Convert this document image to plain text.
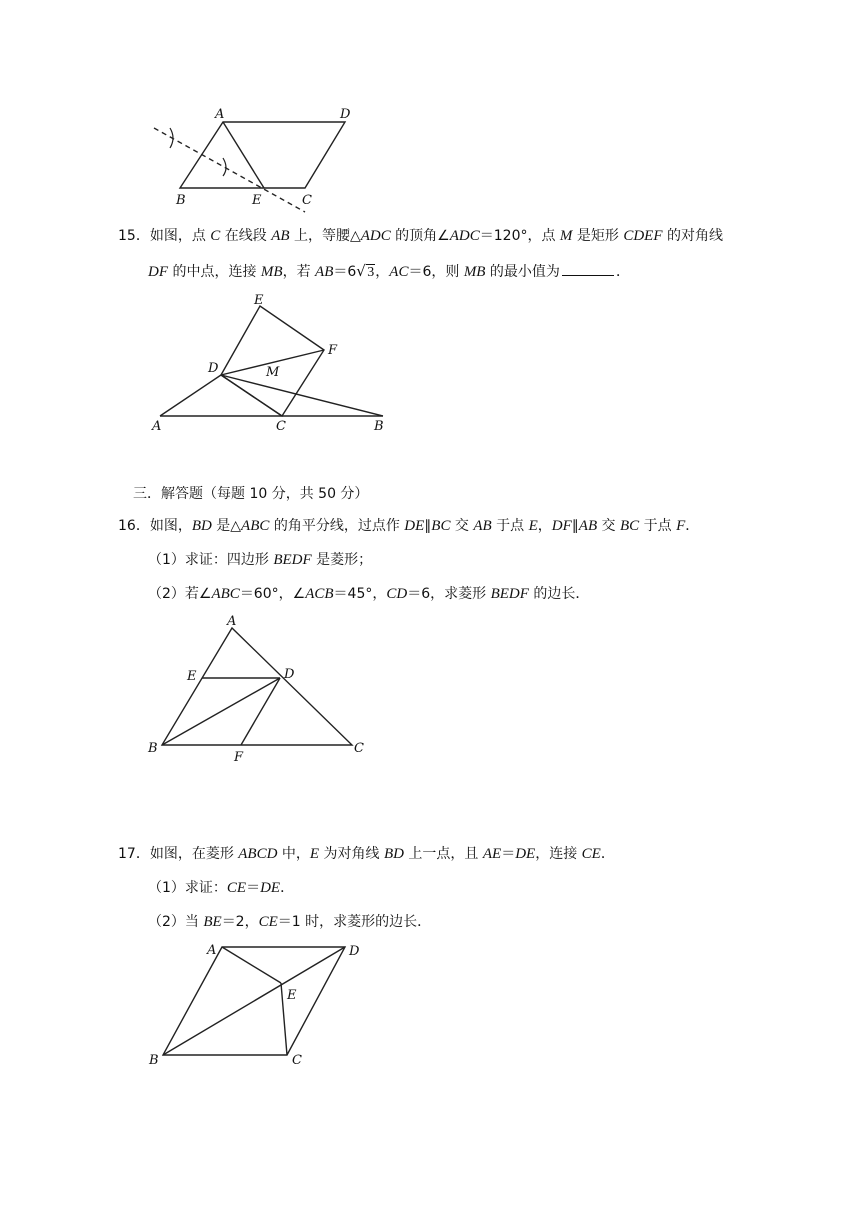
A	D
B	E	C
15．如图，点 C 在线段 AB 上，等腰△ADC 的顶角∠ADC＝120°，点 M 是矩形 CDEF 的对角线
DF 的中点，连接 MB，若 AB＝6 √ 3，AC＝6，则 MB 的最小值为	．
E
F
D	M
A	C	B
三．解答题（每题 10 分，共 50 分）
16．如图，BD 是△ABC 的角平分线，过点作 DE∥BC 交 AB 于点 E，DF∥AB 交 BC 于点 F．
（1）求证：四边形 BEDF 是菱形；
（2）若∠ABC＝60°，∠ACB＝45°，CD＝6，求菱形 BEDF 的边长．
A
E	D
B
F
C
17．如图，在菱形 ABCD 中，E 为对角线 BD 上一点，且 AE＝DE，连接 CE．
（1）求证：CE＝DE．
（2）当 BE＝2，CE＝1 时，求菱形的边长．
A	D
E
B	C
